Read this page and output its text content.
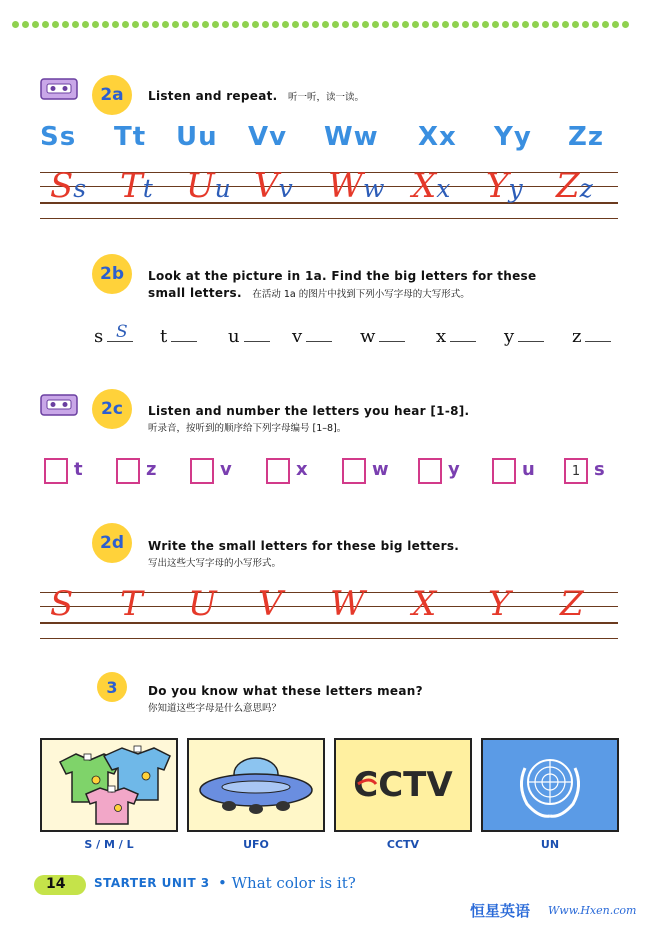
2a	Listen and repeat. 听一听，读一读。
Ss Tt Uu Vv Ww Xx Yy Zz
Ss Tt Uu Vv Ww Xx Yy Zz
2b	Look at the picture in 1a. Find the big letters for these
small letters. 在活动 1a 的图片中找到下列小写字母的大写形式。
s S t	u	v	w	x	y	z
2c	Listen and number the letters you hear [1-8].
听录音，按听到的顺序给下列字母编号 [1–8]。
t	z	v	x	w	y	u	1 s
2d	Write the small letters for these big letters.
写出这些大写字母的小写形式。
S T U V W X Y Z
3	Do you know what these letters mean?
你知道这些字母是什么意思吗？
S / M / L	UFO
CCTV
CCTV	UN
14 STARTER UNIT 3 • What color is it?
恒星英语 Www.Hxen.com
